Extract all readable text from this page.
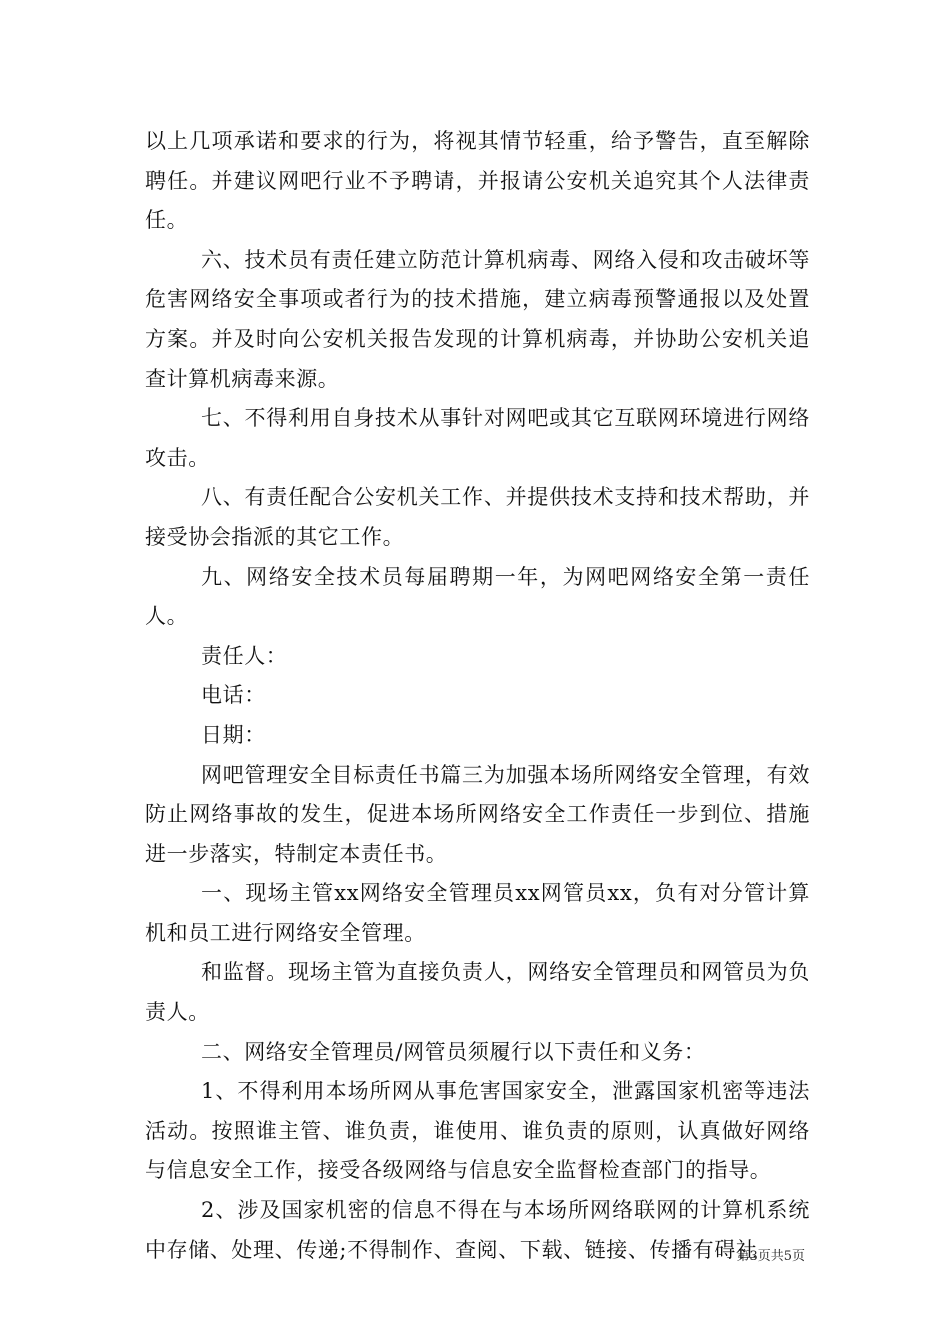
以上几项承诺和要求的行为，将视其情节轻重，给予警告，直至解除聘任。并建议网吧行业不予聘请，并报请公安机关追究其个人法律责任。

六、技术员有责任建立防范计算机病毒、网络入侵和攻击破坏等危害网络安全事项或者行为的技术措施，建立病毒预警通报以及处置方案。并及时向公安机关报告发现的计算机病毒，并协助公安机关追查计算机病毒来源。

七、不得利用自身技术从事针对网吧或其它互联网环境进行网络攻击。

八、有责任配合公安机关工作、并提供技术支持和技术帮助，并接受协会指派的其它工作。

九、网络安全技术员每届聘期一年，为网吧网络安全第一责任人。

责任人：

电话：

日期：

网吧管理安全目标责任书篇三为加强本场所网络安全管理，有效防止网络事故的发生，促进本场所网络安全工作责任一步到位、措施进一步落实，特制定本责任书。

一、现场主管xx网络安全管理员xx网管员xx，负有对分管计算机和员工进行网络安全管理。

和监督。现场主管为直接负责人，网络安全管理员和网管员为负责人。

二、网络安全管理员/网管员须履行以下责任和义务：

1、不得利用本场所网从事危害国家安全，泄露国家机密等违法活动。按照谁主管、谁负责，谁使用、谁负责的原则，认真做好网络与信息安全工作，接受各级网络与信息安全监督检查部门的指导。

2、涉及国家机密的信息不得在与本场所网络联网的计算机系统中存储、处理、传递;不得制作、查阅、下载、链接、传播有碍社

第3页共5页
